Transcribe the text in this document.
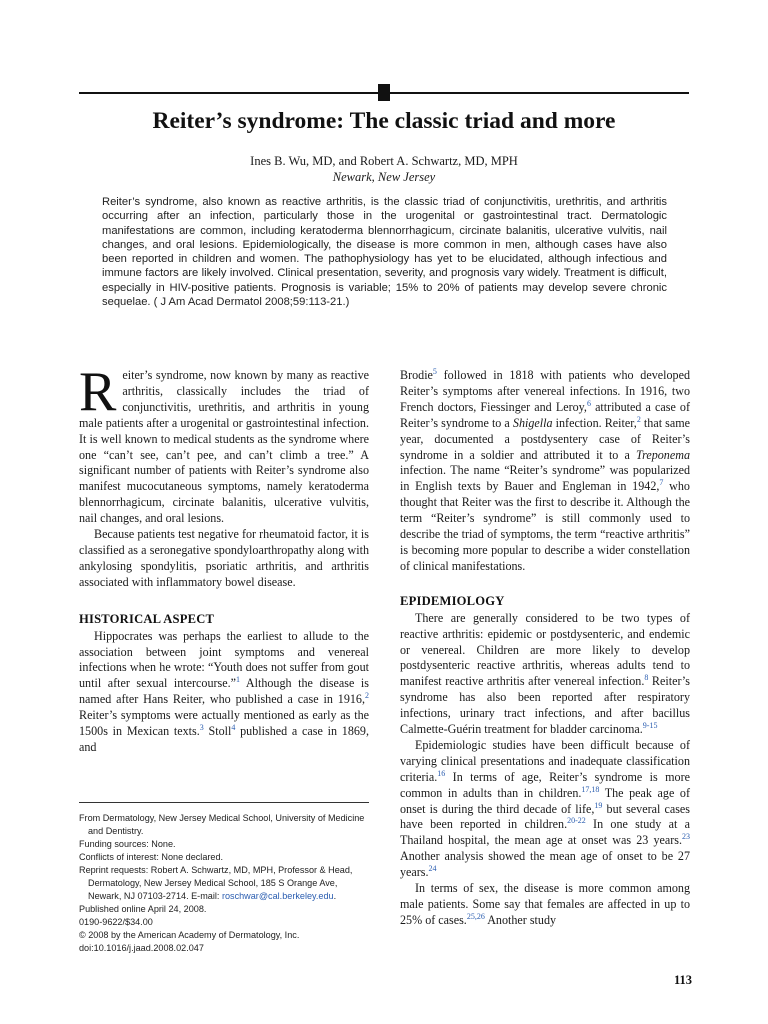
Reiter’s syndrome: The classic triad and more

Ines B. Wu, MD, and Robert A. Schwartz, MD, MPH

Newark, New Jersey

Reiter’s syndrome, also known as reactive arthritis, is the classic triad of conjunctivitis, urethritis, and arthritis occurring after an infection, particularly those in the urogenital or gastrointestinal tract. Dermatologic manifestations are common, including keratoderma blennorrhagicum, circinate balanitis, ulcerative vulvitis, nail changes, and oral lesions. Epidemiologically, the disease is more common in men, although cases have also been reported in children and women. The pathophysiology has yet to be elucidated, although infectious and immune factors are likely involved. Clinical presentation, severity, and prognosis vary widely. Treatment is difficult, especially in HIV-positive patients. Prognosis is variable; 15% to 20% of patients may develop severe chronic sequelae. ( J Am Acad Dermatol 2008;59:113-21.)

Reiter’s syndrome, now known by many as reactive arthritis, classically includes the triad of conjunctivitis, urethritis, and arthritis in young male patients after a urogenital or gastrointestinal infection. It is well known to medical students as the syndrome where one “can’t see, can’t pee, and can’t climb a tree.” A significant number of patients with Reiter’s syndrome also manifest mucocutaneous symptoms, namely keratoderma blennorrhagicum, circinate balanitis, ulcerative vulvitis, nail changes, and oral lesions.

Because patients test negative for rheumatoid factor, it is classified as a seronegative spondyloarthropathy along with ankylosing spondylitis, psoriatic arthritis, and arthritis associated with inflammatory bowel disease.

HISTORICAL ASPECT

Hippocrates was perhaps the earliest to allude to the association between joint symptoms and venereal infections when he wrote: “Youth does not suffer from gout until after sexual intercourse.”$^1$ Although the disease is named after Hans Reiter, who published a case in 1916,$^2$ Reiter’s symptoms were actually mentioned as early as the 1500s in Mexican texts.$^3$ Stoll$^4$ published a case in 1869, and

From Dermatology, New Jersey Medical School, University of Medicine and Dentistry.

Funding sources: None.

Conflicts of interest: None declared.

Reprint requests: Robert A. Schwartz, MD, MPH, Professor & Head, Dermatology, New Jersey Medical School, 185 S Orange Ave, Newark, NJ 07103-2714. E-mail: roschwar@cal.berkeley.edu.

Published online April 24, 2008.

0190-9622/$34.00

© 2008 by the American Academy of Dermatology, Inc.

doi:10.1016/j.jaad.2008.02.047

Brodie$^5$ followed in 1818 with patients who developed Reiter’s symptoms after venereal infections. In 1916, two French doctors, Fiessinger and Leroy,$^6$ attributed a case of Reiter’s syndrome to a Shigella infection. Reiter,$^2$ that same year, documented a postdysentery case of Reiter’s syndrome in a soldier and attributed it to a Treponema infection. The name “Reiter’s syndrome” was popularized in English texts by Bauer and Engleman in 1942,$^7$ who thought that Reiter was the first to describe it. Although the term “Reiter’s syndrome” is still commonly used to describe the triad of symptoms, the term “reactive arthritis” is becoming more popular to describe a wider constellation of clinical manifestations.

EPIDEMIOLOGY

There are generally considered to be two types of reactive arthritis: epidemic or postdysenteric, and endemic or venereal. Children are more likely to develop postdysenteric reactive arthritis, whereas adults tend to manifest reactive arthritis after venereal infection.$^8$ Reiter’s syndrome has also been reported after respiratory infections, urinary tract infections, and after bacillus Calmette-Guérin treatment for bladder carcinoma.$^{9-15}$

Epidemiologic studies have been difficult because of varying clinical presentations and inadequate classification criteria.$^{16}$ In terms of age, Reiter’s syndrome is more common in adults than in children.$^{17,18}$ The peak age of onset is during the third decade of life,$^{19}$ but several cases have been reported in children.$^{20-22}$ In one study at a Thailand hospital, the mean age at onset was 23 years.$^{23}$ Another analysis showed the mean age of onset to be 27 years.$^{24}$

In terms of sex, the disease is more common among male patients. Some say that females are affected in up to 25% of cases.$^{25,26}$ Another study

113
